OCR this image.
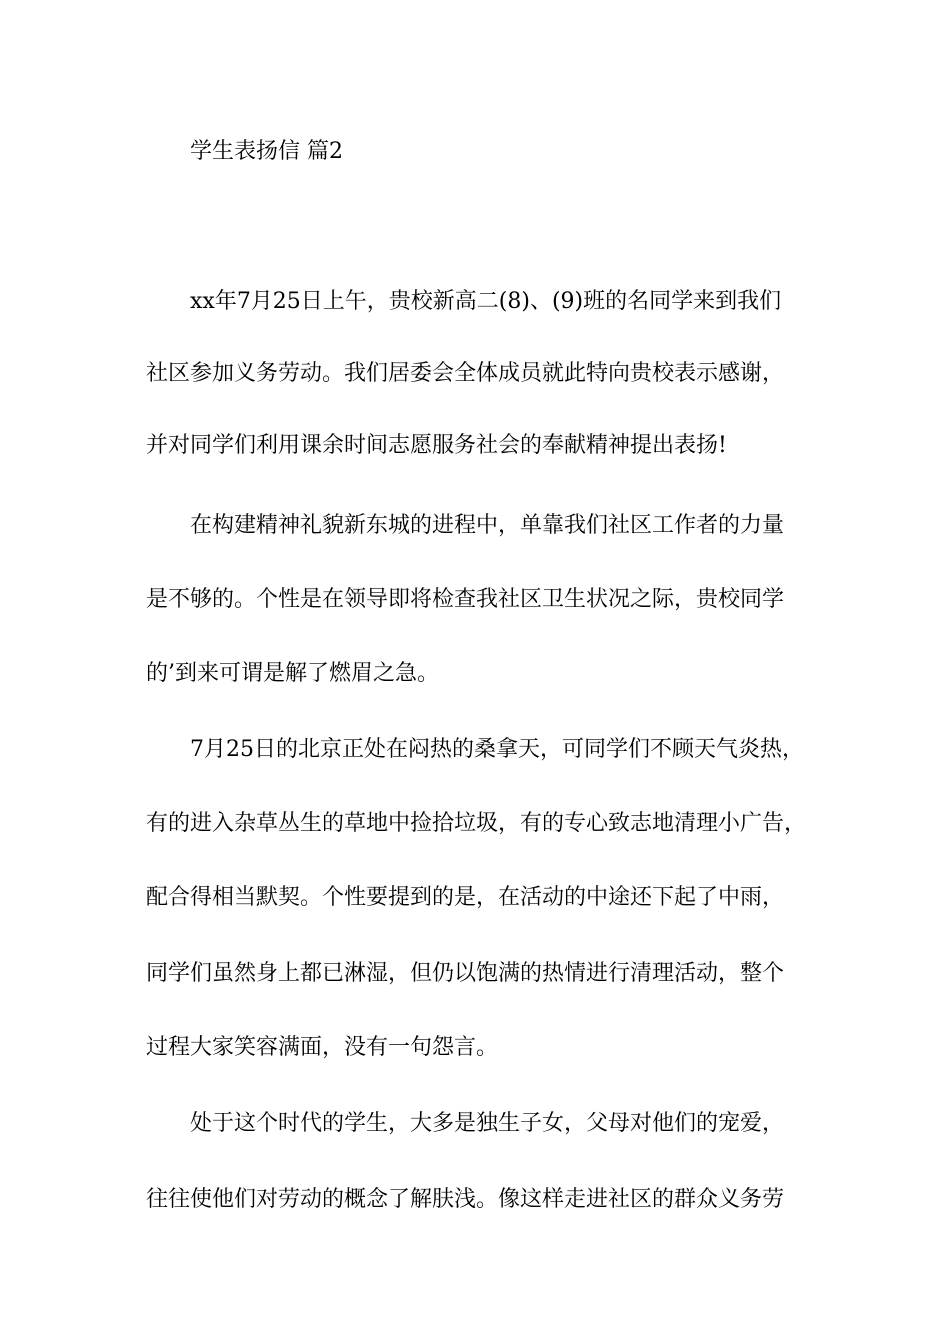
学生表扬信 篇2
xx年7月25日上午，贵校新高二(8)、(9)班的名同学来到我们
社区参加义务劳动。我们居委会全体成员就此特向贵校表示感谢，
并对同学们利用课余时间志愿服务社会的奉献精神提出表扬!
在构建精神礼貌新东城的进程中，单靠我们社区工作者的力量
是不够的。个性是在领导即将检查我社区卫生状况之际，贵校同学
的’到来可谓是解了燃眉之急。
7月25日的北京正处在闷热的桑拿天，可同学们不顾天气炎热，
有的进入杂草丛生的草地中捡拾垃圾，有的专心致志地清理小广告，
配合得相当默契。个性要提到的是，在活动的中途还下起了中雨，
同学们虽然身上都已淋湿，但仍以饱满的热情进行清理活动，整个
过程大家笑容满面，没有一句怨言。
处于这个时代的学生，大多是独生子女，父母对他们的宠爱，
往往使他们对劳动的概念了解肤浅。像这样走进社区的群众义务劳
